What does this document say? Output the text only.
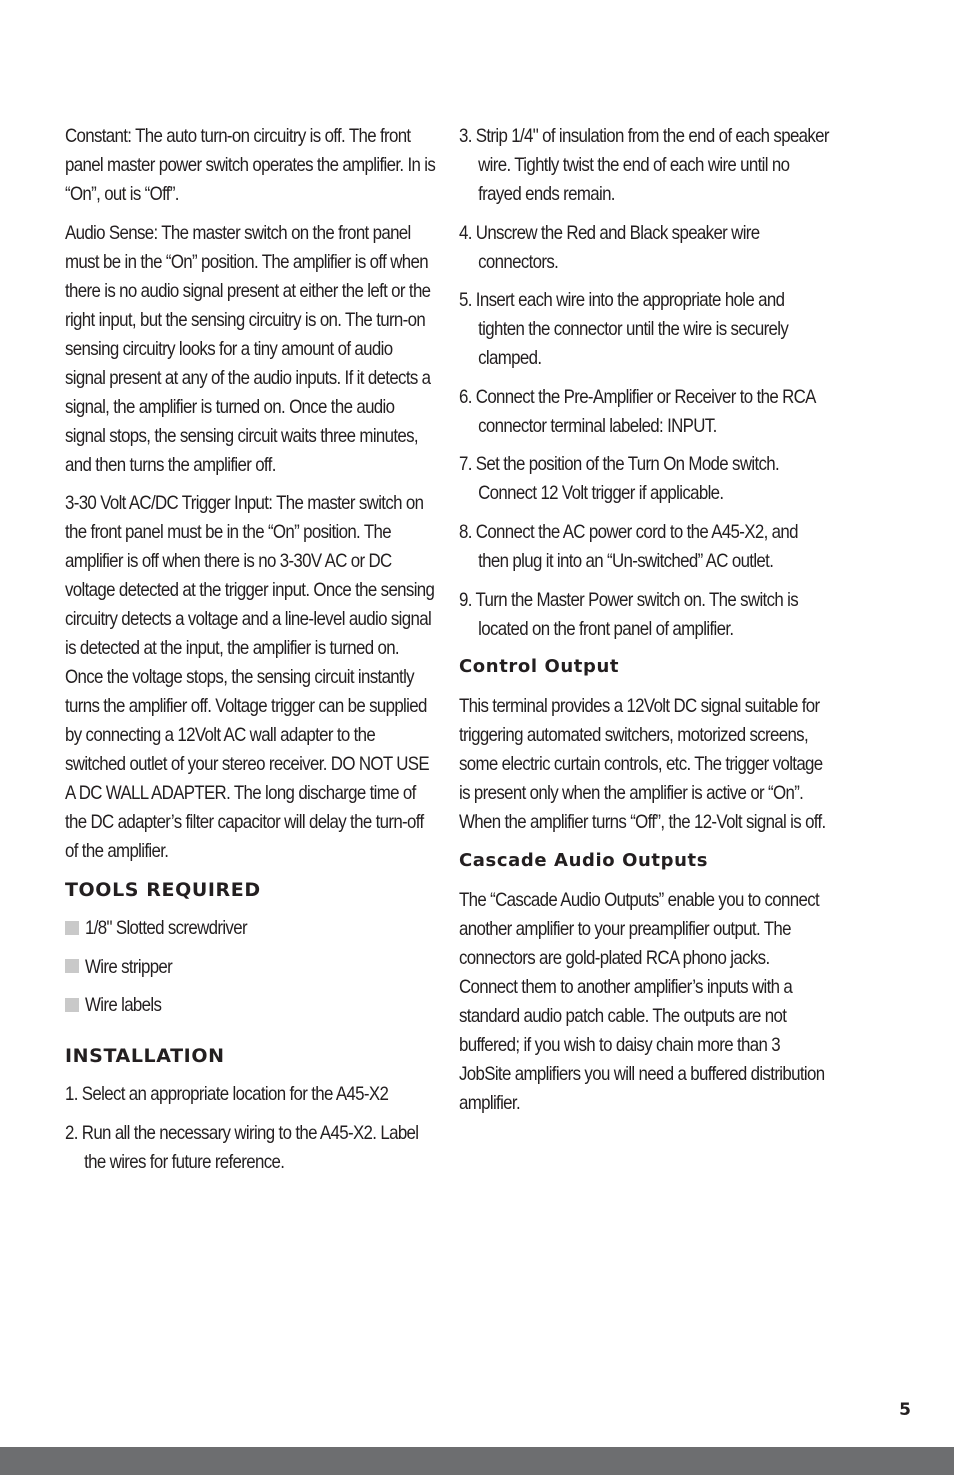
Constant: The auto turn-on circuitry is off. The front panel master power switch operates the amplifier. In is “On”, out is “Off”.

Audio Sense: The master switch on the front panel must be in the “On” position. The amplifier is off when there is no audio signal present at either the left or the right input, but the sensing circuitry is on. The turn-on sensing circuitry looks for a tiny amount of audio signal present at any of the audio inputs. If it detects a signal, the amplifier is turned on. Once the audio signal stops, the sensing circuit waits three minutes, and then turns the amplifier off.

3-30 Volt AC/DC Trigger Input: The master switch on the front panel must be in the “On” position. The amplifier is off when there is no 3-30V AC or DC voltage detected at the trigger input. Once the sensing circuitry detects a voltage and a line-level audio signal is detected at the input, the amplifier is turned on. Once the voltage stops, the sensing circuit instantly turns the amplifier off. Voltage trigger can be supplied by connecting a 12Volt AC wall adapter to the switched outlet of your stereo receiver. DO NOT USE A DC WALL ADAPTER. The long discharge time of the DC adapter’s filter capacitor will delay the turn-off of the amplifier.

TOOLS REQUIRED
1/8" Slotted screwdriver
Wire stripper
Wire labels
INSTALLATION
1. Select an appropriate location for the A45-X2
2. Run all the necessary wiring to the A45-X2. Label the wires for future reference.
3. Strip 1/4" of insulation from the end of each speaker wire. Tightly twist the end of each wire until no frayed ends remain.
4. Unscrew the Red and Black speaker wire connectors.
5. Insert each wire into the appropriate hole and tighten the connector until the wire is securely clamped.
6. Connect the Pre-Amplifier or Receiver to the RCA connector terminal labeled: INPUT.
7. Set the position of the Turn On Mode switch. Connect 12 Volt trigger if applicable.
8. Connect the AC power cord to the A45-X2, and then plug it into an “Un-switched” AC outlet.
9. Turn the Master Power switch on. The switch is located on the front panel of amplifier.
Control Output

This terminal provides a 12Volt DC signal suitable for triggering automated switchers, motorized screens, some electric curtain controls, etc. The trigger voltage is present only when the amplifier is active or “On”. When the amplifier turns “Off”, the 12-Volt signal is off.

Cascade Audio Outputs

The “Cascade Audio Outputs” enable you to connect another amplifier to your preamplifier output. The connectors are gold-plated RCA phono jacks. Connect them to another amplifier’s inputs with a standard audio patch cable. The outputs are not buffered; if you wish to daisy chain more than 3 JobSite amplifiers you will need a buffered distribution amplifier.

5
